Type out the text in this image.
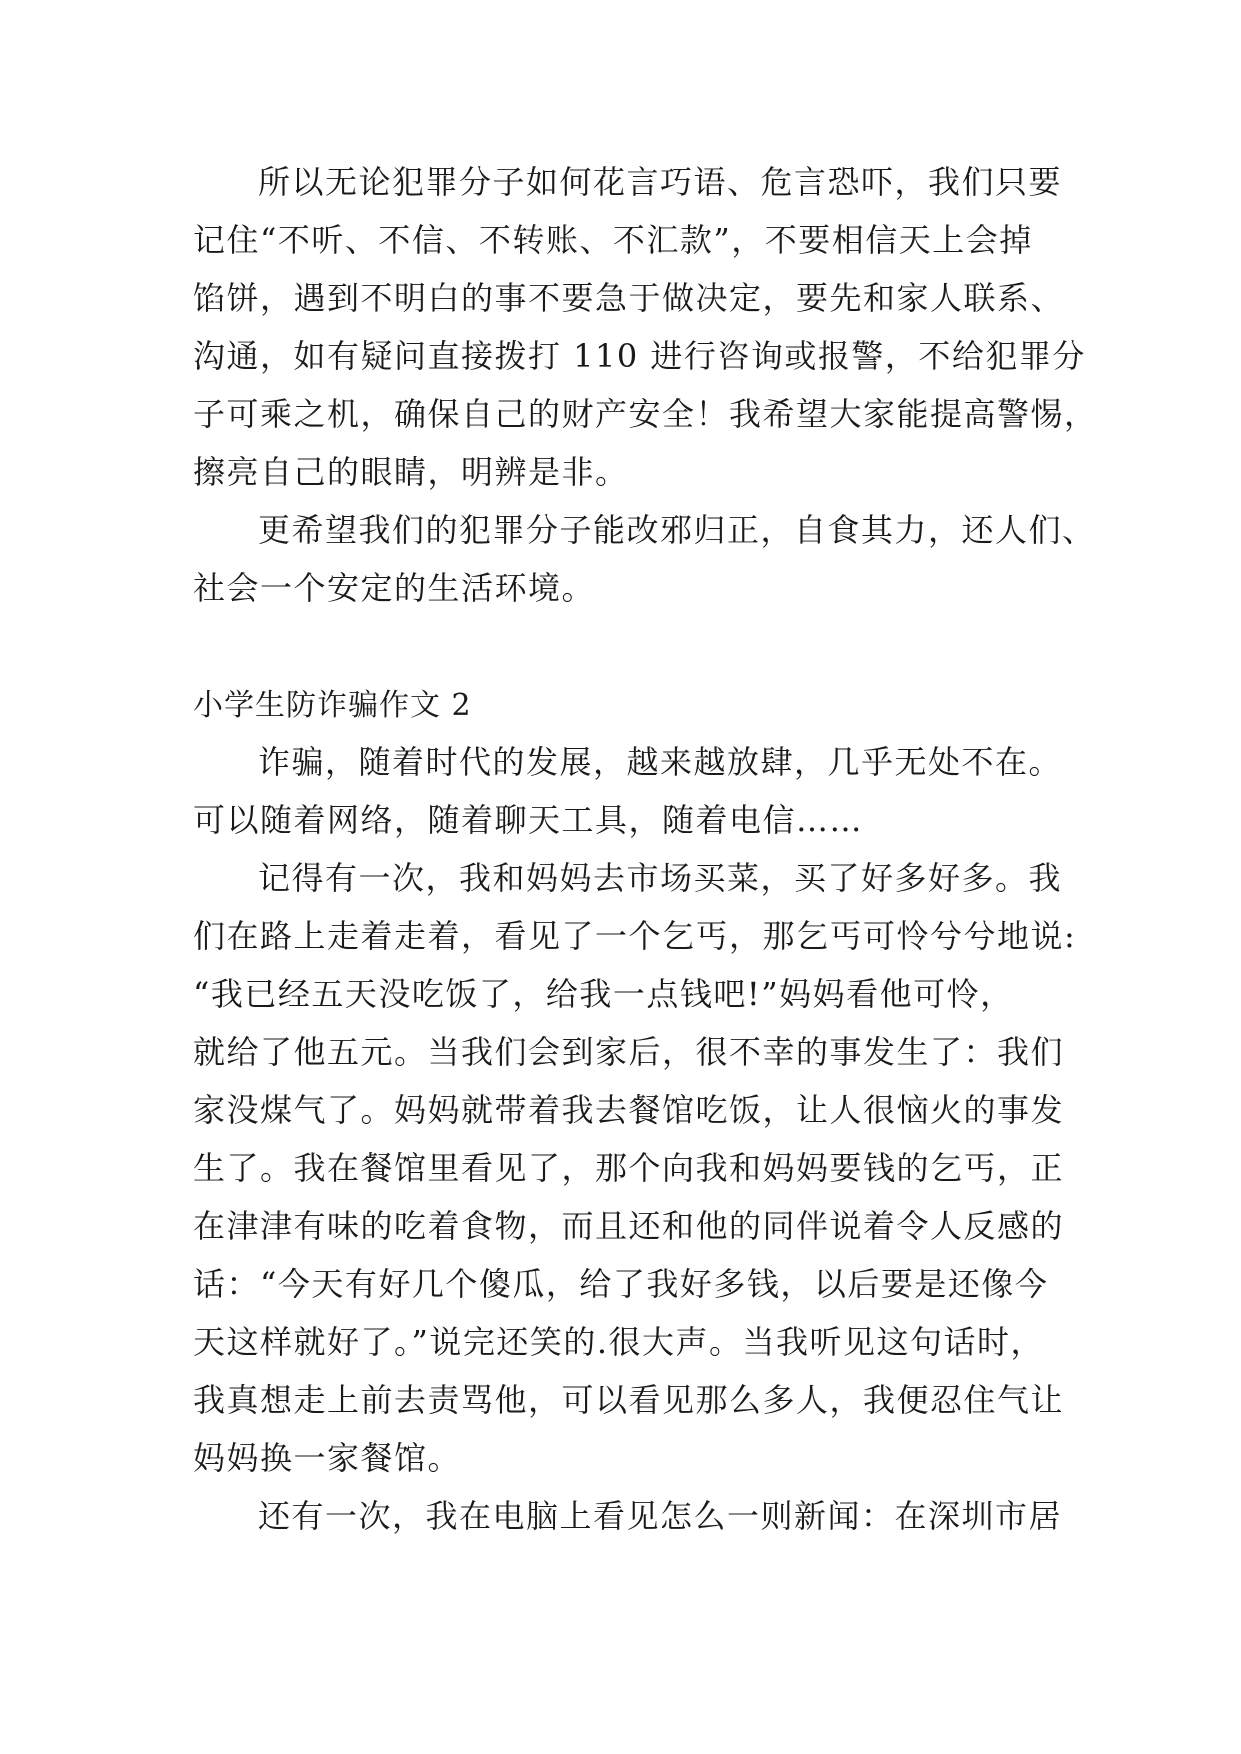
所以无论犯罪分子如何花言巧语、危言恐吓，我们只要
记住“不听、不信、不转账、不汇款”，不要相信天上会掉
馅饼，遇到不明白的事不要急于做决定，要先和家人联系、
沟通，如有疑问直接拨打 110 进行咨询或报警，不给犯罪分
子可乘之机，确保自己的财产安全！我希望大家能提高警惕，
擦亮自己的眼睛，明辨是非。
更希望我们的犯罪分子能改邪归正，自食其力，还人们、
社会一个安定的生活环境。
小学生防诈骗作文 2
诈骗，随着时代的发展，越来越放肆，几乎无处不在。
可以随着网络，随着聊天工具，随着电信……
记得有一次，我和妈妈去市场买菜，买了好多好多。我
们在路上走着走着，看见了一个乞丐，那乞丐可怜兮兮地说:
“我已经五天没吃饭了，给我一点钱吧!”妈妈看他可怜，
就给了他五元。当我们会到家后，很不幸的事发生了：我们
家没煤气了。妈妈就带着我去餐馆吃饭，让人很恼火的事发
生了。我在餐馆里看见了，那个向我和妈妈要钱的乞丐，正
在津津有味的吃着食物，而且还和他的同伴说着令人反感的
话：“今天有好几个傻瓜，给了我好多钱，以后要是还像今
天这样就好了。”说完还笑的.很大声。当我听见这句话时，
我真想走上前去责骂他，可以看见那么多人，我便忍住气让
妈妈换一家餐馆。
还有一次，我在电脑上看见怎么一则新闻：在深圳市居
